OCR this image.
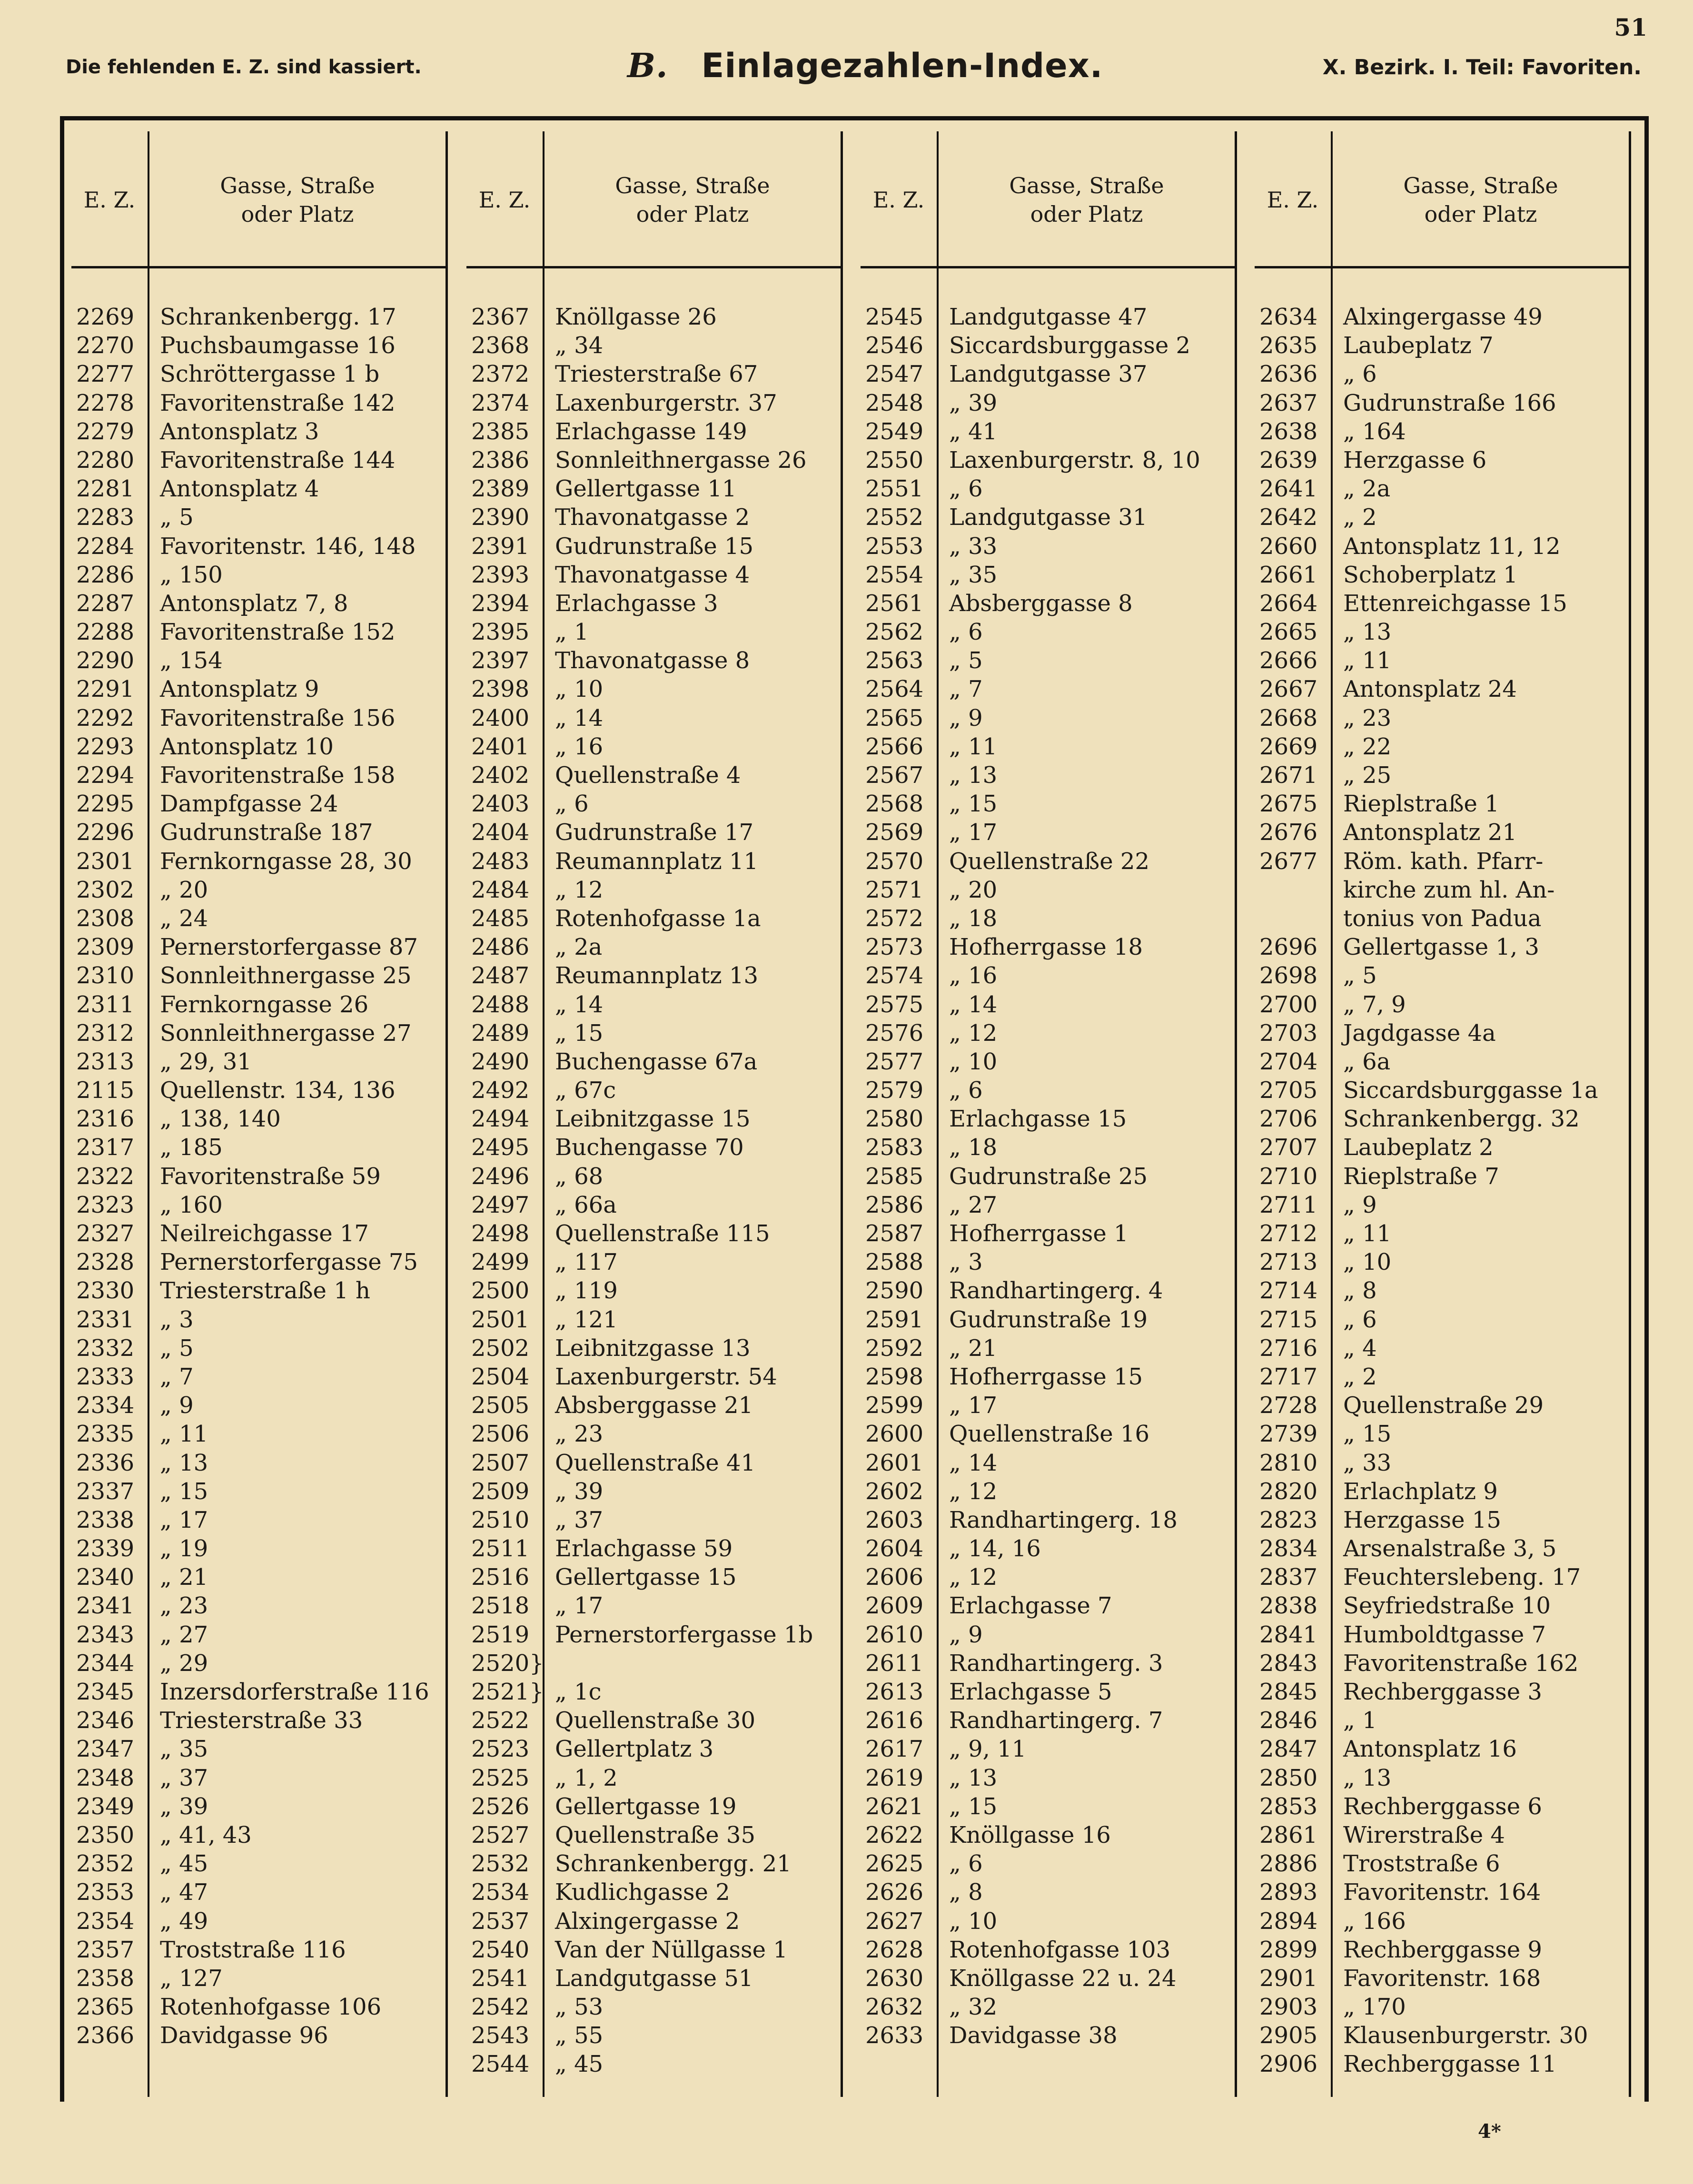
51
Die fehlenden E. Z. sind kassiert.	B. Einlagezahlen-Index.	X. Bezirk. I. Teil: Favoriten.
E. Z.
Gasse, Straße
oder Platz
2269	Schrankenbergg. 17
2270	Puchsbaumgasse 16
2277	Schröttergasse 1 b
2278	Favoritenstraße 142
2279	Antonsplatz 3
2280	Favoritenstraße 144
2281	Antonsplatz 4
2283	„ 5
2284	Favoritenstr. 146, 148
2286	„ 150
2287	Antonsplatz 7, 8
2288	Favoritenstraße 152
2290	„ 154
2291	Antonsplatz 9
2292	Favoritenstraße 156
2293	Antonsplatz 10
2294	Favoritenstraße 158
2295	Dampfgasse 24
2296	Gudrunstraße 187
2301	Fernkorngasse 28, 30
2302	„ 20
2308	„ 24
2309	Pernerstorfergasse 87
2310	Sonnleithnergasse 25
2311	Fernkorngasse 26
2312	Sonnleithnergasse 27
2313	„ 29, 31
2115	Quellenstr. 134, 136
2316	„ 138, 140
2317	„ 185
2322	Favoritenstraße 59
2323	„ 160
2327	Neilreichgasse 17
2328	Pernerstorfergasse 75
2330	Triesterstraße 1 h
2331	„ 3
2332	„ 5
2333	„ 7
2334	„ 9
2335	„ 11
2336	„ 13
2337	„ 15
2338	„ 17
2339	„ 19
2340	„ 21
2341	„ 23
2343	„ 27
2344	„ 29
2345	Inzersdorferstraße 116
2346	Triesterstraße 33
2347	„ 35
2348	„ 37
2349	„ 39
2350	„ 41, 43
2352	„ 45
2353	„ 47
2354	„ 49
2357	Troststraße 116
2358	„ 127
2365	Rotenhofgasse 106
2366	Davidgasse 96
E. Z.
Gasse, Straße
oder Platz
2367	Knöllgasse 26
2368	„ 34
2372	Triesterstraße 67
2374	Laxenburgerstr. 37
2385	Erlachgasse 149
2386	Sonnleithnergasse 26
2389	Gellertgasse 11
2390	Thavonatgasse 2
2391	Gudrunstraße 15
2393	Thavonatgasse 4
2394	Erlachgasse 3
2395	„ 1
2397	Thavonatgasse 8
2398	„ 10
2400	„ 14
2401	„ 16
2402	Quellenstraße 4
2403	„ 6
2404	Gudrunstraße 17
2483	Reumannplatz 11
2484	„ 12
2485	Rotenhofgasse 1a
2486	„ 2a
2487	Reumannplatz 13
2488	„ 14
2489	„ 15
2490	Buchengasse 67a
2492	„ 67c
2494	Leibnitzgasse 15
2495	Buchengasse 70
2496	„ 68
2497	„ 66a
2498	Quellenstraße 115
2499	„ 117
2500	„ 119
2501	„ 121
2502	Leibnitzgasse 13
2504	Laxenburgerstr. 54
2505	Absberggasse 21
2506	„ 23
2507	Quellenstraße 41
2509	„ 39
2510	„ 37
2511	Erlachgasse 59
2516	Gellertgasse 15
2518	„ 17
2519	Pernerstorfergasse 1b
2520}
2521} „ 1c
2522	Quellenstraße 30
2523	Gellertplatz 3
2525	„ 1, 2
2526	Gellertgasse 19
2527	Quellenstraße 35
2532	Schrankenbergg. 21
2534	Kudlichgasse 2
2537	Alxingergasse 2
2540	Van der Nüllgasse 1
2541	Landgutgasse 51
2542	„ 53
2543	„ 55
2544	„ 45
E. Z.
Gasse, Straße
oder Platz
2545	Landgutgasse 47
2546	Siccardsburggasse 2
2547	Landgutgasse 37
2548	„ 39
2549	„ 41
2550	Laxenburgerstr. 8, 10
2551	„ 6
2552	Landgutgasse 31
2553	„ 33
2554	„ 35
2561	Absberggasse 8
2562	„ 6
2563	„ 5
2564	„ 7
2565	„ 9
2566	„ 11
2567	„ 13
2568	„ 15
2569	„ 17
2570	Quellenstraße 22
2571	„ 20
2572	„ 18
2573	Hofherrgasse 18
2574	„ 16
2575	„ 14
2576	„ 12
2577	„ 10
2579	„ 6
2580	Erlachgasse 15
2583	„ 18
2585	Gudrunstraße 25
2586	„ 27
2587	Hofherrgasse 1
2588	„ 3
2590	Randhartingerg. 4
2591	Gudrunstraße 19
2592	„ 21
2598	Hofherrgasse 15
2599	„ 17
2600	Quellenstraße 16
2601	„ 14
2602	„ 12
2603	Randhartingerg. 18
2604	„ 14, 16
2606	„ 12
2609	Erlachgasse 7
2610	„ 9
2611	Randhartingerg. 3
2613	Erlachgasse 5
2616	Randhartingerg. 7
2617	„ 9, 11
2619	„ 13
2621	„ 15
2622	Knöllgasse 16
2625	„ 6
2626	„ 8
2627	„ 10
2628	Rotenhofgasse 103
2630	Knöllgasse 22 u. 24
2632	„ 32
2633	Davidgasse 38
E. Z.
Gasse, Straße
oder Platz
2634	Alxingergasse 49
2635	Laubeplatz 7
2636	„ 6
2637	Gudrunstraße 166
2638	„ 164
2639	Herzgasse 6
2641	„ 2a
2642	„ 2
2660	Antonsplatz 11, 12
2661	Schoberplatz 1
2664	Ettenreichgasse 15
2665	„ 13
2666	„ 11
2667	Antonsplatz 24
2668	„ 23
2669	„ 22
2671	„ 25
2675	Rieplstraße 1
2676	Antonsplatz 21
2677	Röm. kath. Pfarr-
kirche zum hl. An-
tonius von Padua
2696	Gellertgasse 1, 3
2698	„ 5
2700	„ 7, 9
2703	Jagdgasse 4a
2704	„ 6a
2705	Siccardsburggasse 1a
2706	Schrankenbergg. 32
2707	Laubeplatz 2
2710	Rieplstraße 7
2711	„ 9
2712	„ 11
2713	„ 10
2714	„ 8
2715	„ 6
2716	„ 4
2717	„ 2
2728	Quellenstraße 29
2739	„ 15
2810	„ 33
2820	Erlachplatz 9
2823	Herzgasse 15
2834	Arsenalstraße 3, 5
2837	Feuchterslebeng. 17
2838	Seyfriedstraße 10
2841	Humboldtgasse 7
2843	Favoritenstraße 162
2845	Rechberggasse 3
2846	„ 1
2847	Antonsplatz 16
2850	„ 13
2853	Rechberggasse 6
2861	Wirerstraße 4
2886	Troststraße 6
2893	Favoritenstr. 164
2894	„ 166
2899	Rechberggasse 9
2901	Favoritenstr. 168
2903	„ 170
2905	Klausenburgerstr. 30
2906	Rechberggasse 11
4*
